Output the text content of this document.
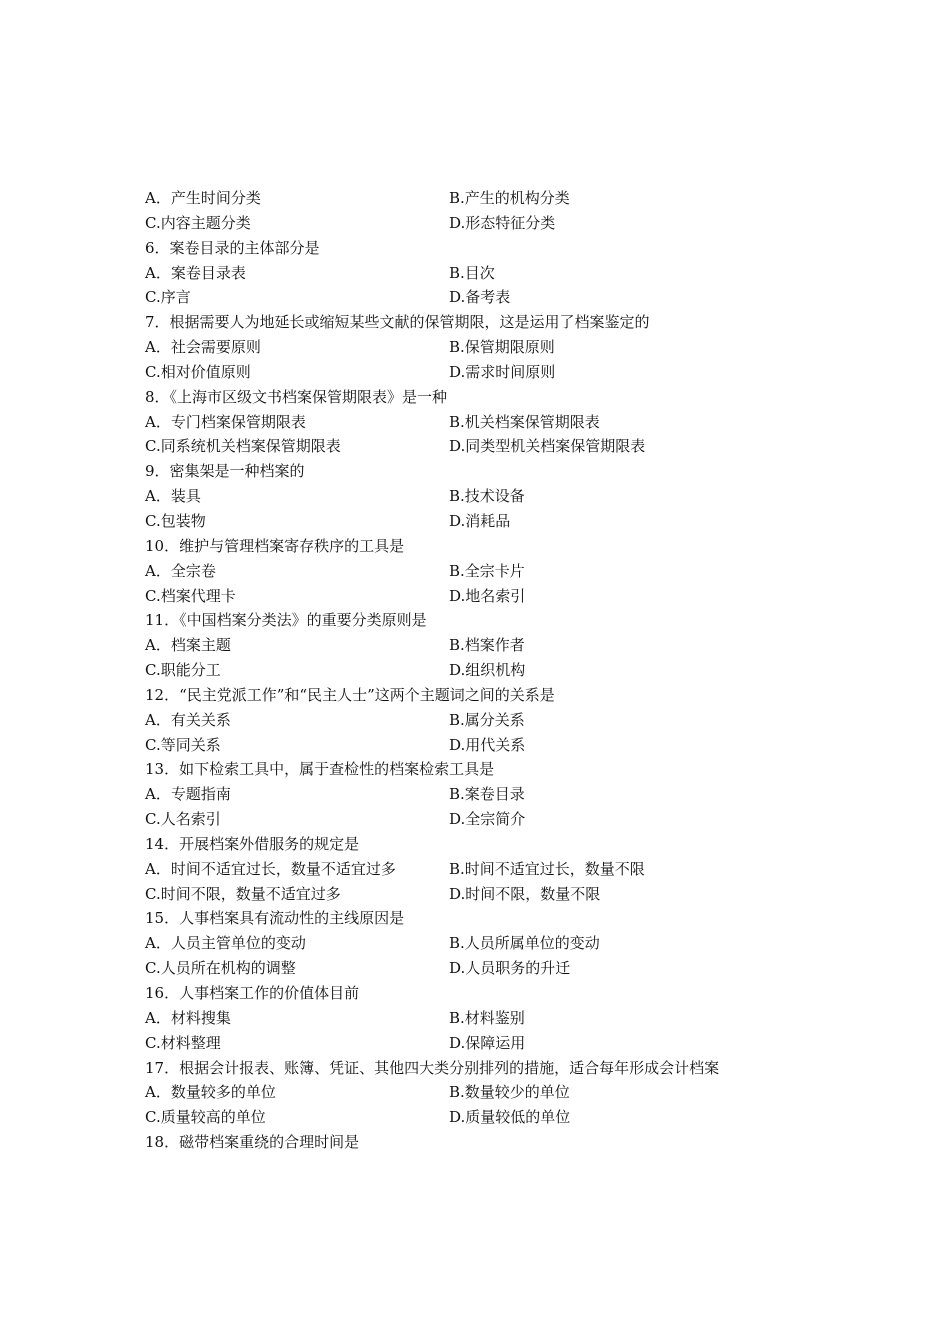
A．产生时间分类	B.产生的机构分类
C.内容主题分类	D.形态特征分类
6．案卷目录的主体部分是
A．案卷目录表	B.目次
C.序言	D.备考表
7．根据需要人为地延长或缩短某些文献的保管期限，这是运用了档案鉴定的
A．社会需要原则	B.保管期限原则
C.相对价值原则	D.需求时间原则
8．《上海市区级文书档案保管期限表》是一种
A．专门档案保管期限表	B.机关档案保管期限表
C.同系统机关档案保管期限表	D.同类型机关档案保管期限表
9．密集架是一种档案的
A．装具	B.技术设备
C.包装物	D.消耗品
10．维护与管理档案寄存秩序的工具是
A．全宗卷	B.全宗卡片
C.档案代理卡	D.地名索引
11．《中国档案分类法》的重要分类原则是
A．档案主题	B.档案作者
C.职能分工	D.组织机构
12．“民主党派工作”和“民主人士”这两个主题词之间的关系是
A．有关关系	B.属分关系
C.等同关系	D.用代关系
13．如下检索工具中，属于查检性的档案检索工具是
A．专题指南	B.案卷目录
C.人名索引	D.全宗简介
14．开展档案外借服务的规定是
A．时间不适宜过长，数量不适宜过多	B.时间不适宜过长，数量不限
C.时间不限，数量不适宜过多	D.时间不限，数量不限
15．人事档案具有流动性的主线原因是
A．人员主管单位的变动	B.人员所属单位的变动
C.人员所在机构的调整	D.人员职务的升迁
16．人事档案工作的价值体目前
A．材料搜集	B.材料鉴别
C.材料整理	D.保障运用
17．根据会计报表、账簿、凭证、其他四大类分别排列的措施，适合每年形成会计档案
A．数量较多的单位	B.数量较少的单位
C.质量较高的单位	D.质量较低的单位
18．磁带档案重绕的合理时间是
